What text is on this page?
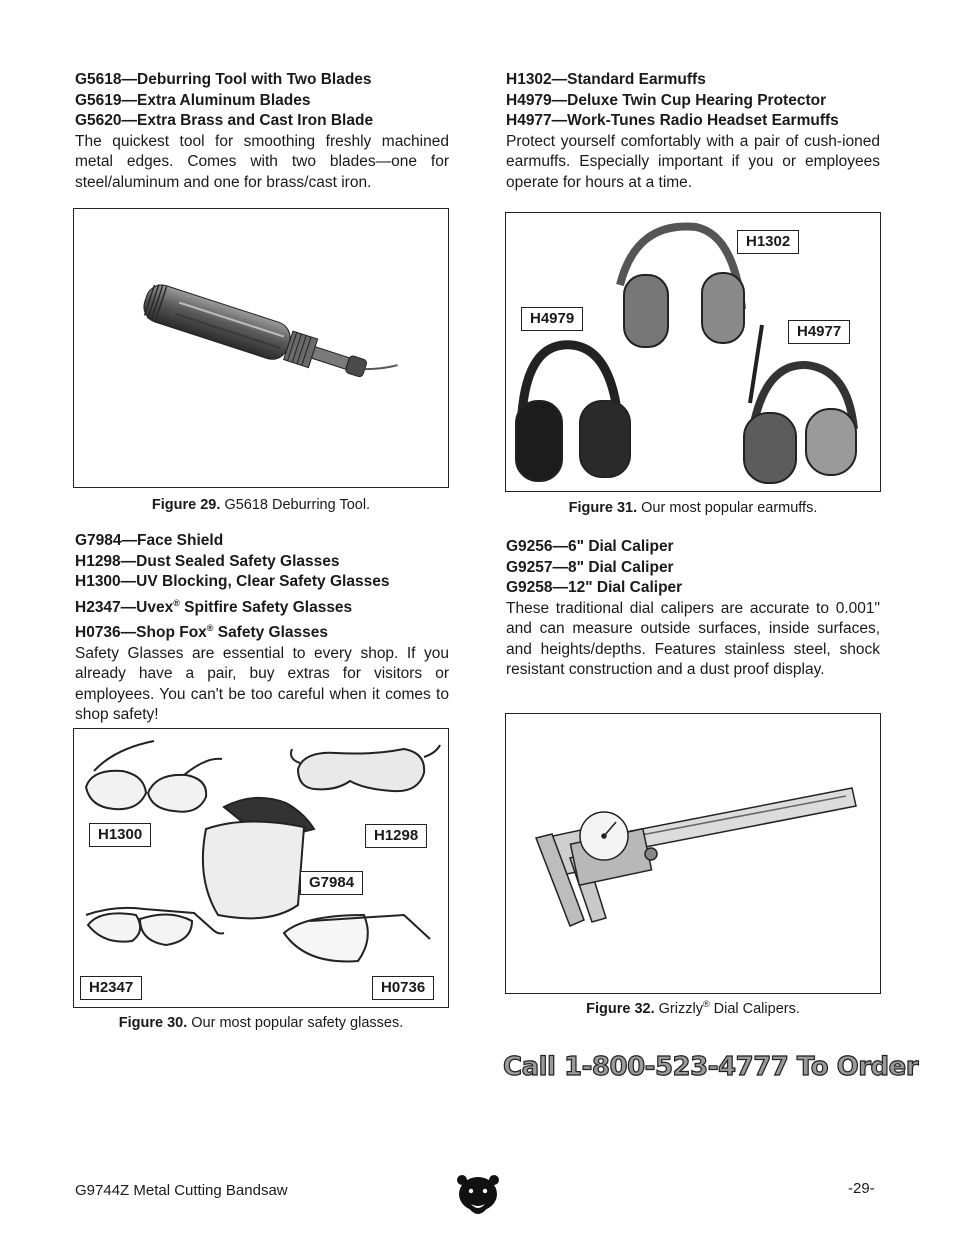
G5618—Deburring Tool with Two Blades

G5619—Extra Aluminum Blades

G5620—Extra Brass and Cast Iron Blade

The quickest tool for smoothing freshly machined metal edges. Comes with two blades—one for steel/aluminum and one for brass/cast iron.

Figure 29. G5618 Deburring Tool.

G7984—Face Shield

H1298—Dust Sealed Safety Glasses

H1300—UV Blocking, Clear Safety Glasses

H2347—Uvex® Spitfire Safety Glasses

H0736—Shop Fox® Safety Glasses

Safety Glasses are essential to every shop. If you already have a pair, buy extras for visitors or employees. You can't be too careful when it comes to shop safety!

H1300	H1298
G7984
H2347	H0736
Figure 30. Our most popular safety glasses.

H1302—Standard Earmuffs

H4979—Deluxe Twin Cup Hearing Protector

H4977—Work-Tunes Radio Headset Earmuffs

Protect yourself comfortably with a pair of cush-ioned earmuffs. Especially important if you or employees operate for hours at a time.

H1302
H4979
H4977
Figure 31. Our most popular earmuffs.

G9256—6" Dial Caliper

G9257—8" Dial Caliper

G9258—12" Dial Caliper

These traditional dial calipers are accurate to 0.001" and can measure outside surfaces, inside surfaces, and heights/depths. Features stainless steel, shock resistant construction and a dust proof display.

Figure 32. Grizzly® Dial Calipers.
Call 1-800-523-4777 To Order
G9744Z Metal Cutting Bandsaw	-29-
